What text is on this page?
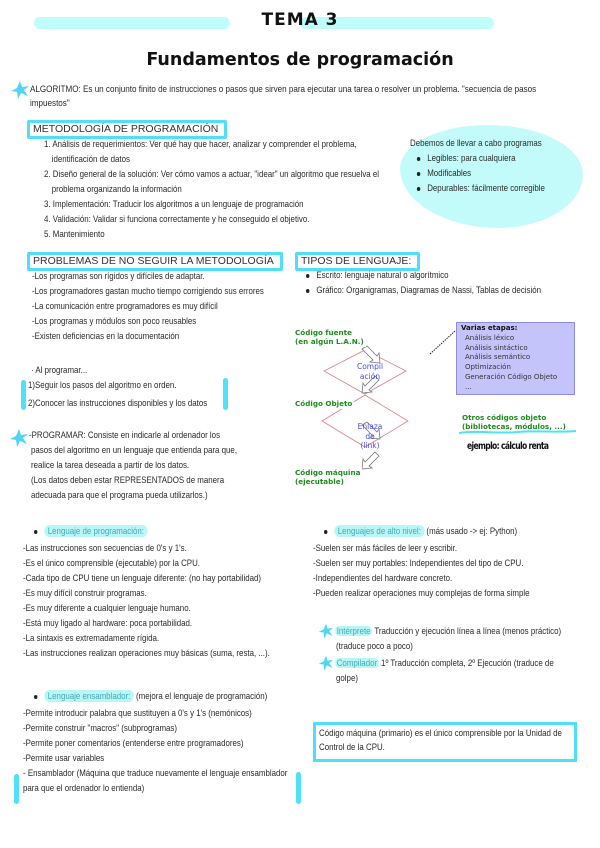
TEMA 3
Fundamentos de programación
ALGORITMO: Es un conjunto finito de instrucciones o pasos que sirven para ejecutar una tarea o resolver un problema. "secuencia de pasos
impuestos"
METODOLOGÍA DE PROGRAMACIÓN
1. Análisis de requerimientos: Ver qué hay que hacer, analizar y comprender el problema,
identificación de datos
2. Diseño general de la solución: Ver cómo vamos a actuar, "idear" un algoritmo que resuelva el
problema organizando la información
3. Implementación: Traducir los algoritmos a un lenguaje de programación
4. Validación: Validar si funciona correctamente y he conseguido el objetivo.
5. Mantenimiento
Debemos de llevar a cabo programas
Legibles: para cualquiera
Modificables
Depurables: fácilmente corregible
PROBLEMAS DE NO SEGUIR LA METODOLOGÍA
-Los programas son rígidos y difíciles de adaptar.
-Los programadores gastan mucho tiempo corrigiendo sus errores
-La comunicación entre programadores es muy difícil
-Los programas y módulos son poco reusables
-Existen deficiencias en la documentación
· Al programar...
1)Seguir los pasos del algoritmo en orden.
2)Conocer las instrucciones disponibles y los datos
TIPOS DE LENGUAJE:
Escrito: lenguaje natural o algorítmico
Gráfico: Organigramas, Diagramas de Nassi, Tablas de decisión
Código fuente
(en algún L.A.N.)
Compil
ación
Código Objeto
Enlaza
do
(link)
Código máquina
(ejecutable)
Varias etapas:
Análisis léxico
Análisis sintáctico
Análisis semántico
Optimización
Generación Código Objeto
...
Otros códigos objeto
(bibliotecas, módulos, ...)
ejemplo: cálculo renta
-PROGRAMAR: Consiste en indicarle al ordenador los
pasos del algoritmo en un lenguaje que entienda para que,
realice la tarea deseada a partir de los datos.
(Los datos deben estar REPRESENTADOS de manera
adecuada para que el programa pueda utilizarlos.)
Lenguaje de programación:
-Las instrucciones son secuencias de 0's y 1's.
-Es el único comprensible (ejecutable) por la CPU.
-Cada tipo de CPU tiene un lenguaje diferente: (no hay portabilidad)
-Es muy difícil construir programas.
-Es muy diferente a cualquier lenguaje humano.
-Está muy ligado al hardware: poca portabilidad.
-La sintaxis es extremadamente rígida.
-Las instrucciones realizan operaciones muy básicas (suma, resta, ...).
Lenguajes de alto nivel: (más usado -> ej: Python)
-Suelen ser más fáciles de leer y escribir.
-Suelen ser muy portables: Independientes del tipo de CPU.
-Independientes del hardware concreto.
-Pueden realizar operaciones muy complejas de forma simple
Intérprete Traducción y ejecución línea a línea (menos práctico)
(traduce poco a poco)
Compilador 1º Traducción completa, 2º Ejecución (traduce de
golpe)
Lenguaje ensamblador: (mejora el lenguaje de programación)
-Permite introducir palabra que sustituyen a 0's y 1's (nemónicos)
-Permite construir "macros" (subprogramas)
-Permite poner comentarios (entenderse entre programadores)
-Permite usar variables
- Ensamblador (Máquina que traduce nuevamente el lenguaje ensamblador
para que el ordenador lo entienda)
Código máquina (primario) es el único comprensible por la Unidad de
Control de la CPU.
